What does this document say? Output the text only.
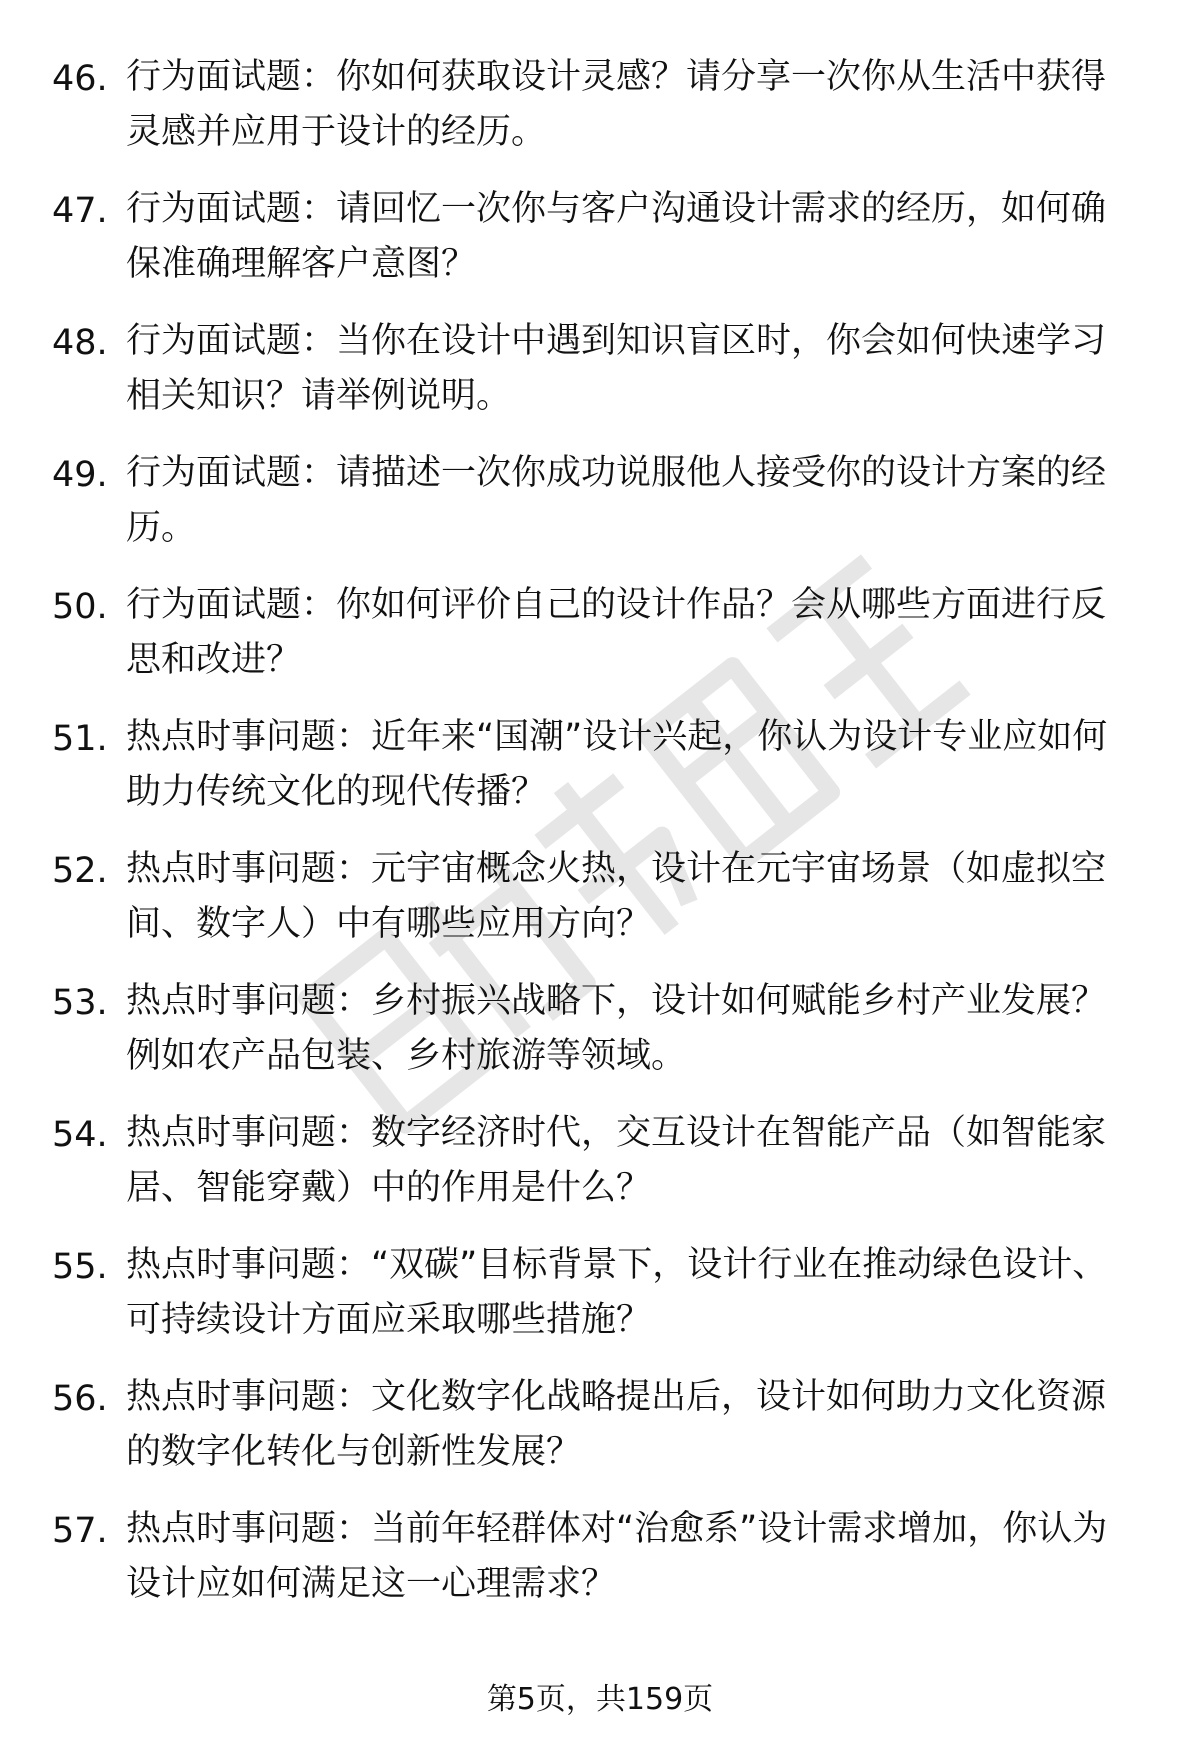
46. 行为面试题：你如何获取设计灵感？请分享一次你从生活中获得灵感并应用于设计的经历。
47. 行为面试题：请回忆一次你与客户沟通设计需求的经历，如何确保准确理解客户意图？
48. 行为面试题：当你在设计中遇到知识盲区时，你会如何快速学习相关知识？请举例说明。
49. 行为面试题：请描述一次你成功说服他人接受你的设计方案的经历。
50. 行为面试题：你如何评价自己的设计作品？会从哪些方面进行反思和改进？
51. 热点时事问题：近年来“国潮”设计兴起，你认为设计专业应如何助力传统文化的现代传播？
52. 热点时事问题：元宇宙概念火热，设计在元宇宙场景（如虚拟空间、数字人）中有哪些应用方向？
53. 热点时事问题：乡村振兴战略下，设计如何赋能乡村产业发展？例如农产品包装、乡村旅游等领域。
54. 热点时事问题：数字经济时代，交互设计在智能产品（如智能家居、智能穿戴）中的作用是什么？
55. 热点时事问题：“双碳”目标背景下，设计行业在推动绿色设计、可持续设计方面应采取哪些措施？
56. 热点时事问题：文化数字化战略提出后，设计如何助力文化资源的数字化转化与创新性发展？
57. 热点时事问题：当前年轻群体对“治愈系”设计需求增加，你认为设计应如何满足这一心理需求？
第5页，共159页
